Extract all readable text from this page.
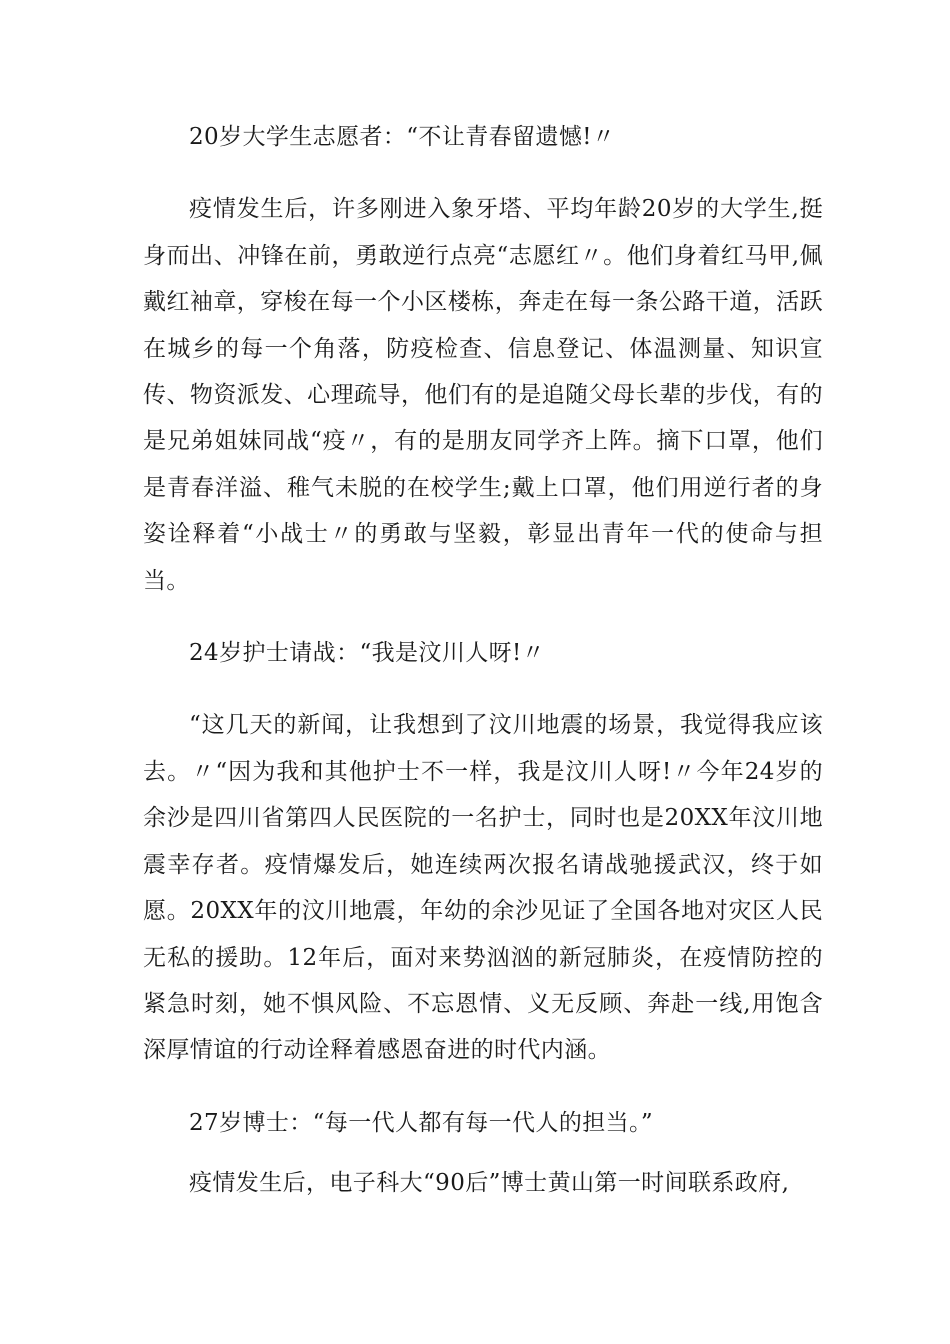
20岁大学生志愿者：“不让青春留遗憾!〃

疫情发生后，许多刚进入象牙塔、平均年龄20岁的大学生,挺身而出、冲锋在前，勇敢逆行点亮“志愿红〃。他们身着红马甲,佩戴红袖章，穿梭在每一个小区楼栋，奔走在每一条公路干道，活跃在城乡的每一个角落，防疫检查、信息登记、体温测量、知识宣传、物资派发、心理疏导，他们有的是追随父母长辈的步伐，有的是兄弟姐妹同战“疫〃，有的是朋友同学齐上阵。摘下口罩，他们是青春洋溢、稚气未脱的在校学生;戴上口罩，他们用逆行者的身姿诠释着“小战士〃的勇敢与坚毅，彰显出青年一代的使命与担当。

24岁护士请战：“我是汶川人呀!〃

“这几天的新闻，让我想到了汶川地震的场景，我觉得我应该去。〃“因为我和其他护士不一样，我是汶川人呀!〃今年24岁的余沙是四川省第四人民医院的一名护士，同时也是20XX年汶川地震幸存者。疫情爆发后，她连续两次报名请战驰援武汉，终于如愿。20XX年的汶川地震，年幼的余沙见证了全国各地对灾区人民无私的援助。12年后，面对来势汹汹的新冠肺炎，在疫情防控的紧急时刻，她不惧风险、不忘恩情、义无反顾、奔赴一线,用饱含深厚情谊的行动诠释着感恩奋进的时代内涵。

27岁博士：“每一代人都有每一代人的担当。”

疫情发生后，电子科大“90后”博士黄山第一时间联系政府,
